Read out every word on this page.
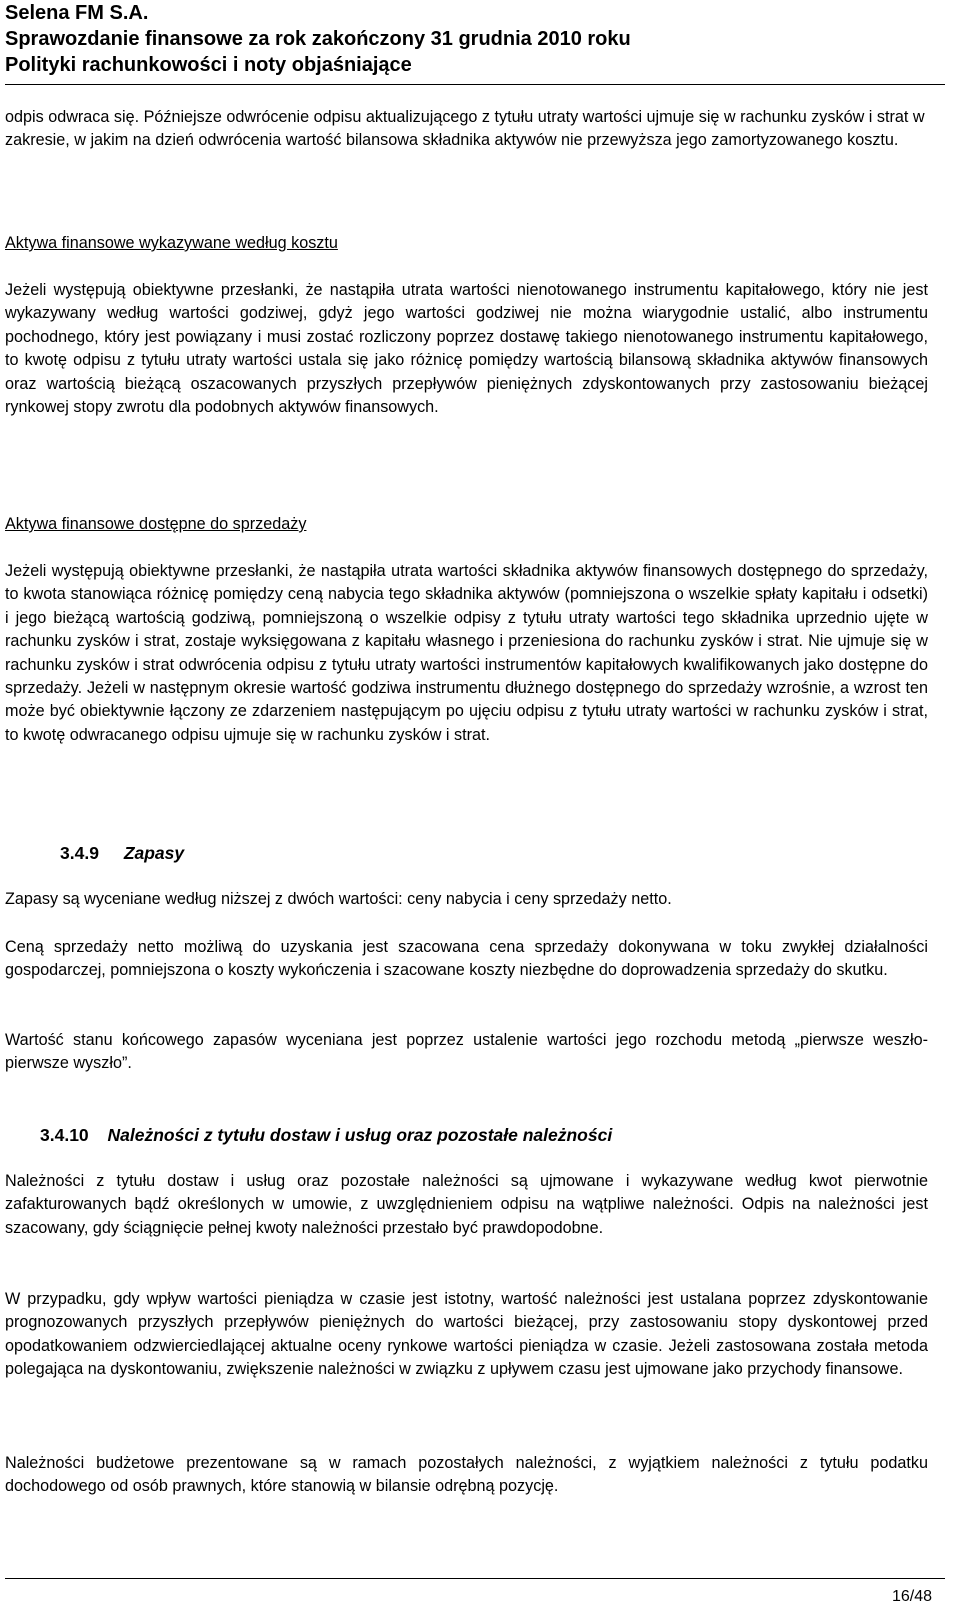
Selena FM S.A.
Sprawozdanie finansowe za rok zakończony 31 grudnia 2010 roku
Polityki rachunkowości i noty objaśniające
odpis odwraca się. Późniejsze odwrócenie odpisu aktualizującego z tytułu utraty wartości ujmuje się w rachunku zysków i strat w zakresie, w jakim na dzień odwrócenia wartość bilansowa składnika aktywów nie przewyższa jego zamortyzowanego kosztu.
Aktywa finansowe wykazywane według kosztu
Jeżeli występują obiektywne przesłanki, że nastąpiła utrata wartości nienotowanego instrumentu kapitałowego, który nie jest wykazywany według wartości godziwej, gdyż jego wartości godziwej nie można wiarygodnie ustalić, albo instrumentu pochodnego, który jest powiązany i musi zostać rozliczony poprzez dostawę takiego nienotowanego instrumentu kapitałowego, to kwotę odpisu z tytułu utraty wartości ustala się jako różnicę pomiędzy wartością bilansową składnika aktywów finansowych oraz wartością bieżącą oszacowanych przyszłych przepływów pieniężnych zdyskontowanych przy zastosowaniu bieżącej rynkowej stopy zwrotu dla podobnych aktywów finansowych.
Aktywa finansowe dostępne do sprzedaży
Jeżeli występują obiektywne przesłanki, że nastąpiła utrata wartości składnika aktywów finansowych dostępnego do sprzedaży, to kwota stanowiąca różnicę pomiędzy ceną nabycia tego składnika aktywów (pomniejszona o wszelkie spłaty kapitału i odsetki) i jego bieżącą wartością godziwą, pomniejszoną o wszelkie odpisy z tytułu utraty wartości tego składnika uprzednio ujęte w rachunku zysków i strat, zostaje wyksięgowana z kapitału własnego i przeniesiona do rachunku zysków i strat. Nie ujmuje się w rachunku zysków i strat odwrócenia odpisu z tytułu utraty wartości instrumentów kapitałowych kwalifikowanych jako dostępne do sprzedaży. Jeżeli w następnym okresie wartość godziwa instrumentu dłużnego dostępnego do sprzedaży wzrośnie, a wzrost ten może być obiektywnie łączony ze zdarzeniem następującym po ujęciu odpisu z tytułu utraty wartości w rachunku zysków i strat, to kwotę odwracanego odpisu ujmuje się w rachunku zysków i strat.
3.4.9 Zapasy
Zapasy są wyceniane według niższej z dwóch wartości: ceny nabycia i ceny sprzedaży netto.
Ceną sprzedaży netto możliwą do uzyskania jest szacowana cena sprzedaży dokonywana w toku zwykłej działalności gospodarczej, pomniejszona o koszty wykończenia i szacowane koszty niezbędne do doprowadzenia sprzedaży do skutku.
Wartość stanu końcowego zapasów wyceniana jest poprzez ustalenie wartości jego rozchodu metodą „pierwsze weszło-pierwsze wyszło”.
3.4.10 Należności z tytułu dostaw i usług oraz pozostałe należności
Należności z tytułu dostaw i usług oraz pozostałe należności są ujmowane i wykazywane według kwot pierwotnie zafakturowanych bądź określonych w umowie, z uwzględnieniem odpisu na wątpliwe należności. Odpis na należności jest szacowany, gdy ściągnięcie pełnej kwoty należności przestało być prawdopodobne.
W przypadku, gdy wpływ wartości pieniądza w czasie jest istotny, wartość należności jest ustalana poprzez zdyskontowanie prognozowanych przyszłych przepływów pieniężnych do wartości bieżącej, przy zastosowaniu stopy dyskontowej przed opodatkowaniem odzwierciedlającej aktualne oceny rynkowe wartości pieniądza w czasie. Jeżeli zastosowana została metoda polegająca na dyskontowaniu, zwiększenie należności w związku z upływem czasu jest ujmowane jako przychody finansowe.
Należności budżetowe prezentowane są w ramach pozostałych należności, z wyjątkiem należności z tytułu podatku dochodowego od osób prawnych, które stanowią w bilansie odrębną pozycję.
16/48
